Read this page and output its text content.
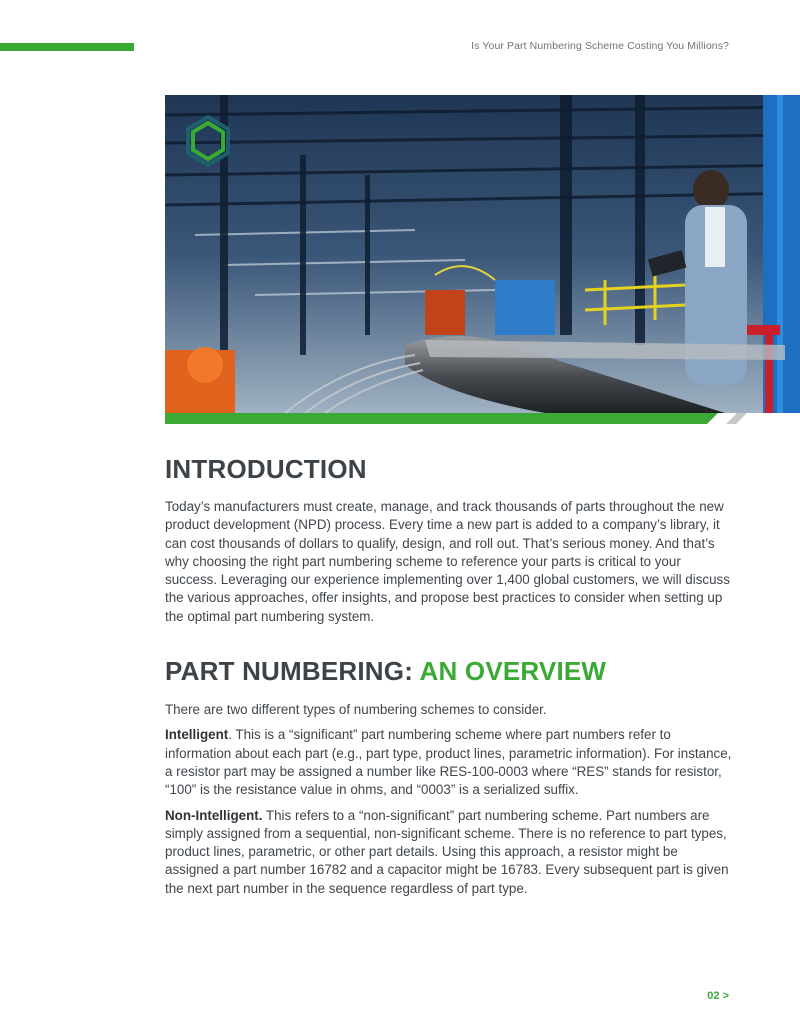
Is Your Part Numbering Scheme Costing You Millions?
INTRODUCTION

Today’s manufacturers must create, manage, and track thousands of parts throughout the new product development (NPD) process. Every time a new part is added to a company’s library, it can cost thousands of dollars to qualify, design, and roll out. That’s serious money. And that’s why choosing the right part numbering scheme to reference your parts is critical to your success. Leveraging our experience implementing over 1,400 global customers, we will discuss the various approaches, offer insights, and propose best practices to consider when setting up the optimal part numbering system.

PART NUMBERING: AN OVERVIEW

There are two different types of numbering schemes to consider.

Intelligent. This is a “significant” part numbering scheme where part numbers refer to information about each part (e.g., part type, product lines, parametric information). For instance, a resistor part may be assigned a number like RES-100-0003 where “RES” stands for resistor, “100” is the resistance value in ohms, and “0003” is a serialized suffix.

Non-Intelligent. This refers to a “non-significant” part numbering scheme. Part numbers are simply assigned from a sequential, non-significant scheme. There is no reference to part types, product lines, parametric, or other part details. Using this approach, a resistor might be assigned a part number 16782 and a capacitor might be 16783. Every subsequent part is given the next part number in the sequence regardless of part type.

02 >
